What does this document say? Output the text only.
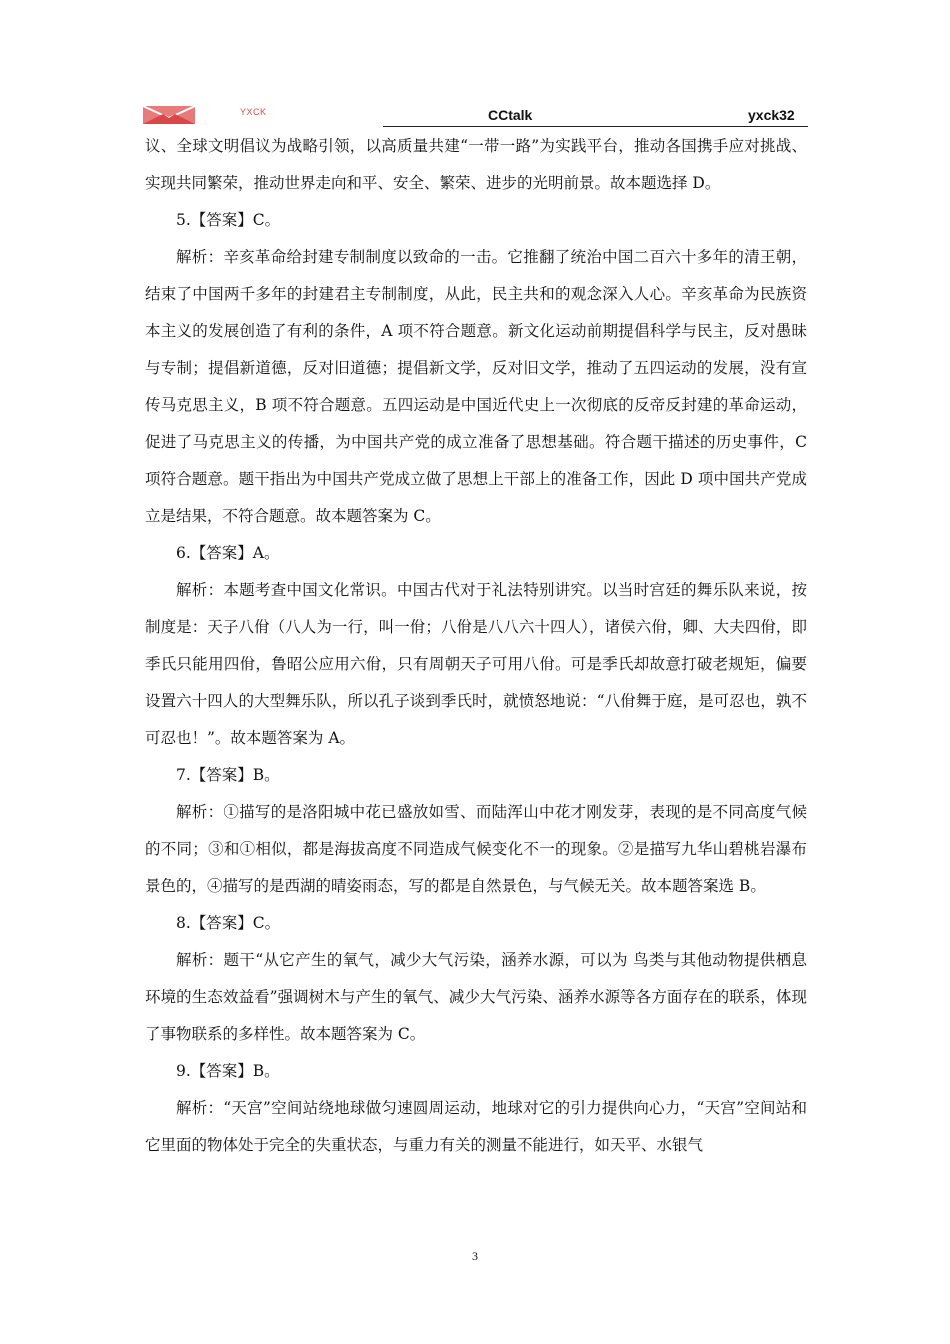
YXCK	CCtalk	yxck32

议、全球文明倡议为战略引领，以高质量共建“一带一路”为实践平台，推动各国携手应对挑战、实现共同繁荣，推动世界走向和平、安全、繁荣、进步的光明前景。故本题选择 D。

5.【答案】C。

解析：辛亥革命给封建专制制度以致命的一击。它推翻了统治中国二百六十多年的清王朝，结束了中国两千多年的封建君主专制制度，从此，民主共和的观念深入人心。辛亥革命为民族资本主义的发展创造了有利的条件，A 项不符合题意。新文化运动前期提倡科学与民主，反对愚昧与专制；提倡新道德，反对旧道德；提倡新文学，反对旧文学，推动了五四运动的发展，没有宣传马克思主义，B 项不符合题意。五四运动是中国近代史上一次彻底的反帝反封建的革命运动，促进了马克思主义的传播，为中国共产党的成立准备了思想基础。符合题干描述的历史事件，C 项符合题意。题干指出为中国共产党成立做了思想上干部上的准备工作，因此 D 项中国共产党成立是结果，不符合题意。故本题答案为 C。

6.【答案】A。

解析：本题考查中国文化常识。中国古代对于礼法特别讲究。以当时宫廷的舞乐队来说，按制度是：天子八佾（八人为一行，叫一佾；八佾是八八六十四人），诸侯六佾，卿、大夫四佾，即季氏只能用四佾，鲁昭公应用六佾，只有周朝天子可用八佾。可是季氏却故意打破老规矩，偏要设置六十四人的大型舞乐队，所以孔子谈到季氏时，就愤怒地说：“八佾舞于庭，是可忍也，孰不可忍也！”。故本题答案为 A。

7.【答案】B。

解析：①描写的是洛阳城中花已盛放如雪、而陆浑山中花才刚发芽，表现的是不同高度气候的不同；③和①相似，都是海拔高度不同造成气候变化不一的现象。②是描写九华山碧桃岩瀑布景色的，④描写的是西湖的晴姿雨态，写的都是自然景色，与气候无关。故本题答案选 B。

8.【答案】C。

解析：题干“从它产生的氧气，减少大气污染，涵养水源，可以为 鸟类与其他动物提供栖息环境的生态效益看”强调树木与产生的氧气、减少大气污染、涵养水源等各方面存在的联系，体现了事物联系的多样性。故本题答案为 C。

9.【答案】B。

解析：“天宫”空间站绕地球做匀速圆周运动，地球对它的引力提供向心力，“天宫”空间站和它里面的物体处于完全的失重状态，与重力有关的测量不能进行，如天平、水银气

3
